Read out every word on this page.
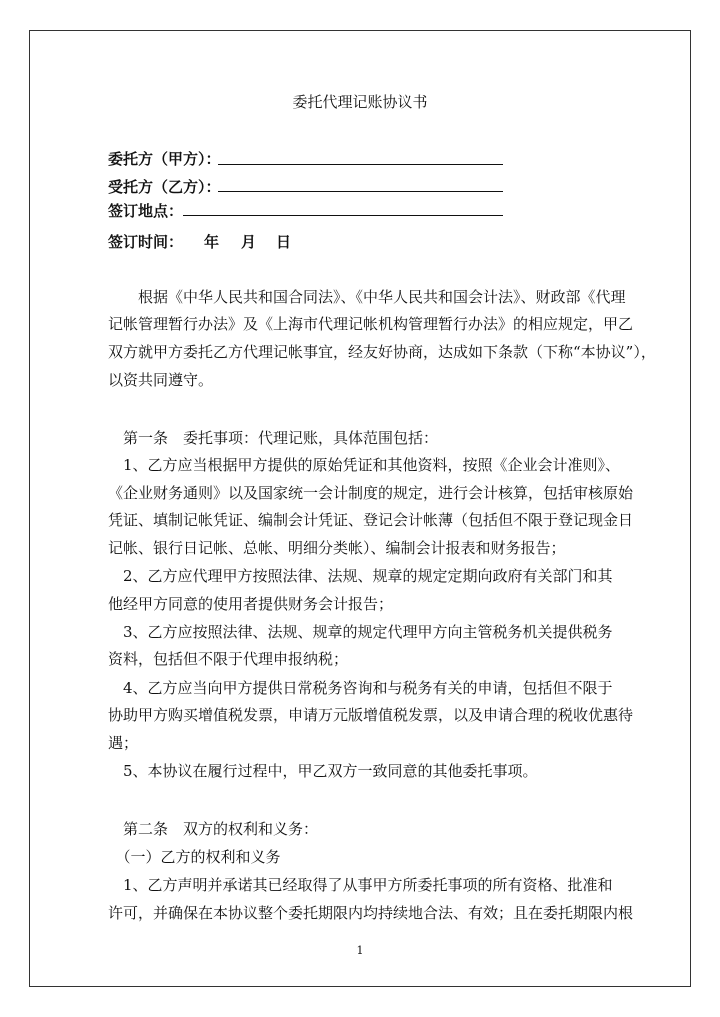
委托代理记账协议书
委托方（甲方）：
受托方（乙方）：
签订地点：
签订时间： 年 月 日
　　根据《中华人民共和国合同法》、《中华人民共和国会计法》、财政部《代理
记帐管理暂行办法》及《上海市代理记帐机构管理暂行办法》的相应规定，甲乙
双方就甲方委托乙方代理记帐事宜，经友好协商，达成如下条款（下称“本协议”），
以资共同遵守。
　第一条　委托事项：代理记账，具体范围包括：
　1、乙方应当根据甲方提供的原始凭证和其他资料，按照《企业会计准则》、
《企业财务通则》以及国家统一会计制度的规定，进行会计核算，包括审核原始
凭证、填制记帐凭证、编制会计凭证、登记会计帐薄（包括但不限于登记现金日
记帐、银行日记帐、总帐、明细分类帐）、编制会计报表和财务报告；
　2、乙方应代理甲方按照法律、法规、规章的规定定期向政府有关部门和其
他经甲方同意的使用者提供财务会计报告；
　3、乙方应按照法律、法规、规章的规定代理甲方向主管税务机关提供税务
资料，包括但不限于代理申报纳税；
　4、乙方应当向甲方提供日常税务咨询和与税务有关的申请，包括但不限于
协助甲方购买增值税发票，申请万元版增值税发票，以及申请合理的税收优惠待
遇；
　5、本协议在履行过程中，甲乙双方一致同意的其他委托事项。
　第二条　双方的权利和义务：
　（一）乙方的权利和义务
　1、乙方声明并承诺其已经取得了从事甲方所委托事项的所有资格、批准和
许可，并确保在本协议整个委托期限内均持续地合法、有效；且在委托期限内根
1
